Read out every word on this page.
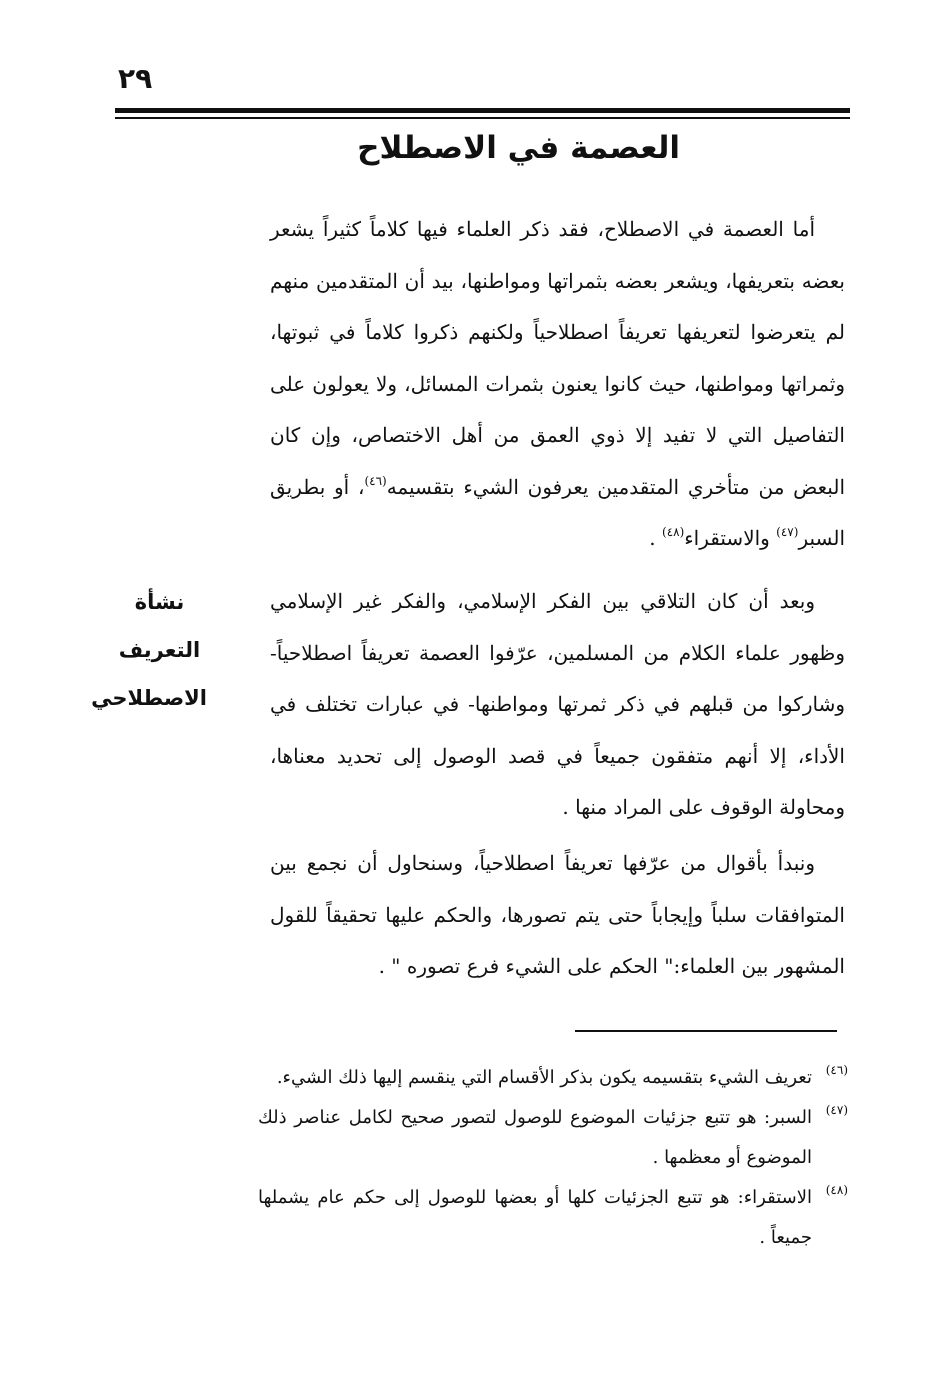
٢٩
العصمة في الاصطلاح
أما العصمة في الاصطلاح، فقد ذكر العلماء فيها كلاماً كثيراً يشعر بعضه بتعريفها، ويشعر بعضه بثمراتها ومواطنها، بيد أن المتقدمين منهم لم يتعرضوا لتعريفها تعريفاً اصطلاحياً ولكنهم ذكروا كلاماً في ثبوتها، وثمراتها ومواطنها، حيث كانوا يعنون بثمرات المسائل، ولا يعولون على التفاصيل التي لا تفيد إلا ذوي العمق من أهل الاختصاص، وإن كان البعض من متأخري المتقدمين يعرفون الشيء بتقسيمه$^{(٤٦)}$، أو بطريق السبر$^{(٤٧)}$ والاستقراء$^{(٤٨)}$ .
نشأة
التعريف
الاصطلاحي
وبعد أن كان التلاقي بين الفكر الإسلامي، والفكر غير الإسلامي وظهور علماء الكلام من المسلمين، عرّفوا العصمة تعريفاً اصطلاحياً- وشاركوا من قبلهم في ذكر ثمرتها ومواطنها- في عبارات تختلف في الأداء، إلا أنهم متفقون جميعاً في قصد الوصول إلى تحديد معناها، ومحاولة الوقوف على المراد منها .
ونبدأ بأقوال من عرّفها تعريفاً اصطلاحياً، وسنحاول أن نجمع بين المتوافقات سلباً وإيجاباً حتى يتم تصورها، والحكم عليها تحقيقاً للقول المشهور بين العلماء:" الحكم على الشيء فرع تصوره " .
(٤٦)
تعريف الشيء بتقسيمه يكون بذكر الأقسام التي ينقسم إليها ذلك الشيء.
(٤٧)
السبر: هو تتبع جزئيات الموضوع للوصول لتصور صحيح لكامل عناصر ذلك الموضوع أو معظمها .
(٤٨)
الاستقراء: هو تتبع الجزئيات كلها أو بعضها للوصول إلى حكم عام يشملها جميعاً .
